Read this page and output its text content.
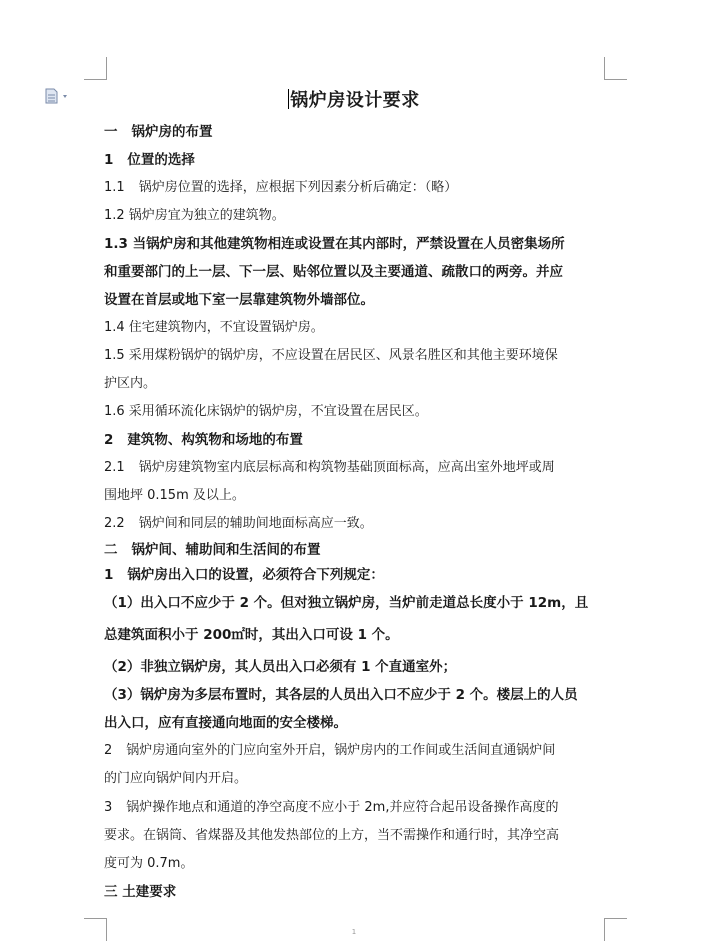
锅炉房设计要求
一 锅炉房的布置
1 位置的选择
1.1 锅炉房位置的选择，应根据下列因素分析后确定：（略）
1.2 锅炉房宜为独立的建筑物。
1.3 当锅炉房和其他建筑物相连或设置在其内部时，严禁设置在人员密集场所
和重要部门的上一层、下一层、贴邻位置以及主要通道、疏散口的两旁。并应
设置在首层或地下室一层靠建筑物外墙部位。
1.4 住宅建筑物内，不宜设置锅炉房。
1.5 采用煤粉锅炉的锅炉房，不应设置在居民区、风景名胜区和其他主要环境保
护区内。
1.6 采用循环流化床锅炉的锅炉房，不宜设置在居民区。
2 建筑物、构筑物和场地的布置
2.1 锅炉房建筑物室内底层标高和构筑物基础顶面标高，应高出室外地坪或周
围地坪 0.15m 及以上。
2.2 锅炉间和同层的辅助间地面标高应一致。
二 锅炉间、辅助间和生活间的布置
1 锅炉房出入口的设置，必须符合下列规定：
（1）出入口不应少于 2 个。但对独立锅炉房，当炉前走道总长度小于 12m，且
总建筑面积小于 200㎡时，其出入口可设 1 个。
（2）非独立锅炉房，其人员出入口必须有 1 个直通室外；
（3）锅炉房为多层布置时，其各层的人员出入口不应少于 2 个。楼层上的人员
出入口，应有直接通向地面的安全楼梯。
2 锅炉房通向室外的门应向室外开启，锅炉房内的工作间或生活间直通锅炉间
的门应向锅炉间内开启。
3 锅炉操作地点和通道的净空高度不应小于 2m,并应符合起吊设备操作高度的
要求。在锅筒、省煤器及其他发热部位的上方，当不需操作和通行时，其净空高
度可为 0.7m。
三 土建要求
1
